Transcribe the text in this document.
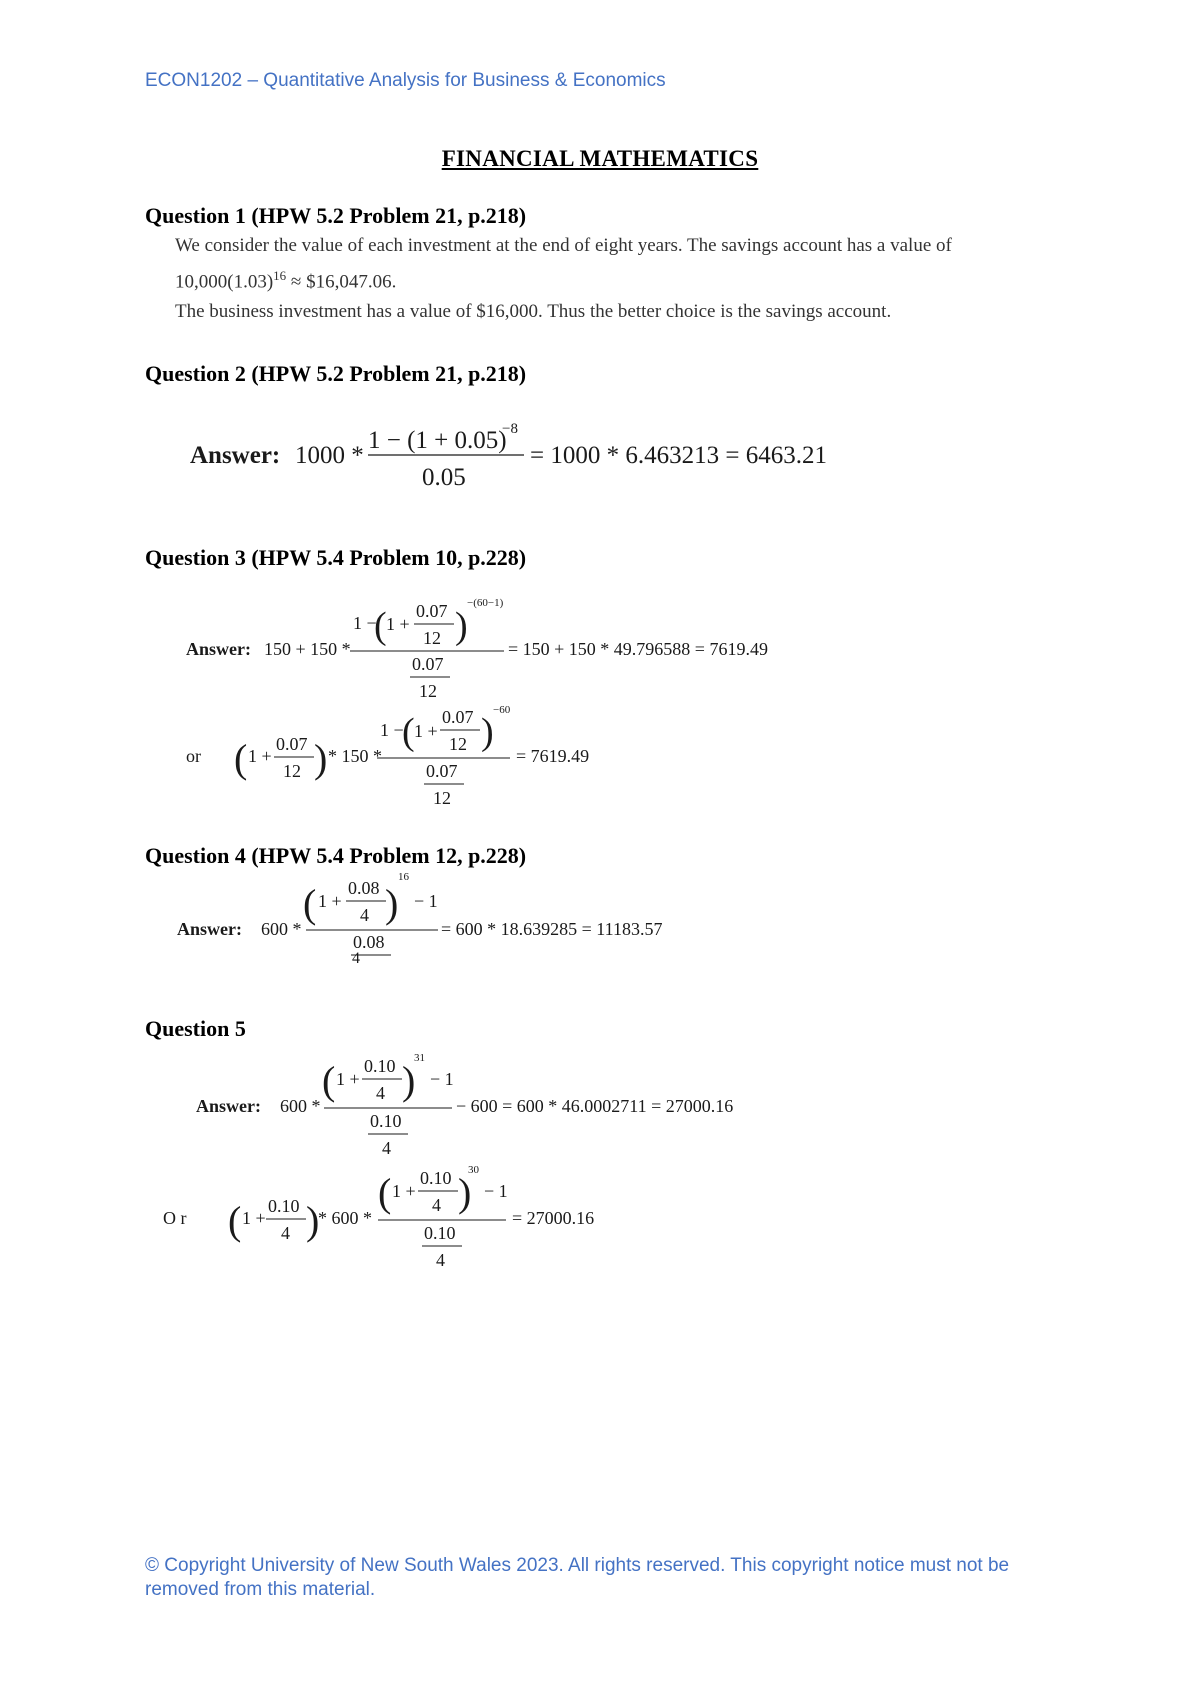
ECON1202 – Quantitative Analysis for Business & Economics
FINANCIAL MATHEMATICS
Question 1 (HPW 5.2 Problem 21, p.218)
We consider the value of each investment at the end of eight years. The savings account has a value of
$10,000(1.03)^{16}$ ≈ $16,047.06.
The business investment has a value of $16,000. Thus the better choice is the savings account.
Question 2 (HPW 5.2 Problem 21, p.218)
Answer: 1000 *
1 − (1 + 0.05)
−8
0.05
= 1000 * 6.463213 = 6463.21
Answer: 150 + 150 *
1 −
( 1 +
0.07
12 )
−(60−1)
0.07
12
= 150 + 150 * 49.796588 = 7619.49
or ( 1 +
0.07
12 ) * 150 *
1 −
( 1 +
0.07
12 )
−60
0.07
12
= 7619.49
Answer: 600 *
( 1 +
0.08
4 )
16
− 1
0.08
4
= 600 * 18.639285 = 11183.57
Answer: 600 *
( 1 +
0.10
4 )
31
− 1
0.10
4
− 600 = 600 * 46.0002711 = 27000.16
O r ( 1 +
0.10
4 )
* 600 *
( 1 +
0.10
4 )
30
− 1
0.10
4
= 27000.16
Question 3 (HPW 5.4 Problem 10, p.228)
Question 4 (HPW 5.4 Problem 12, p.228)
Question 5
© Copyright University of New South Wales 2023. All rights reserved. This copyright notice must not be removed from this material.
